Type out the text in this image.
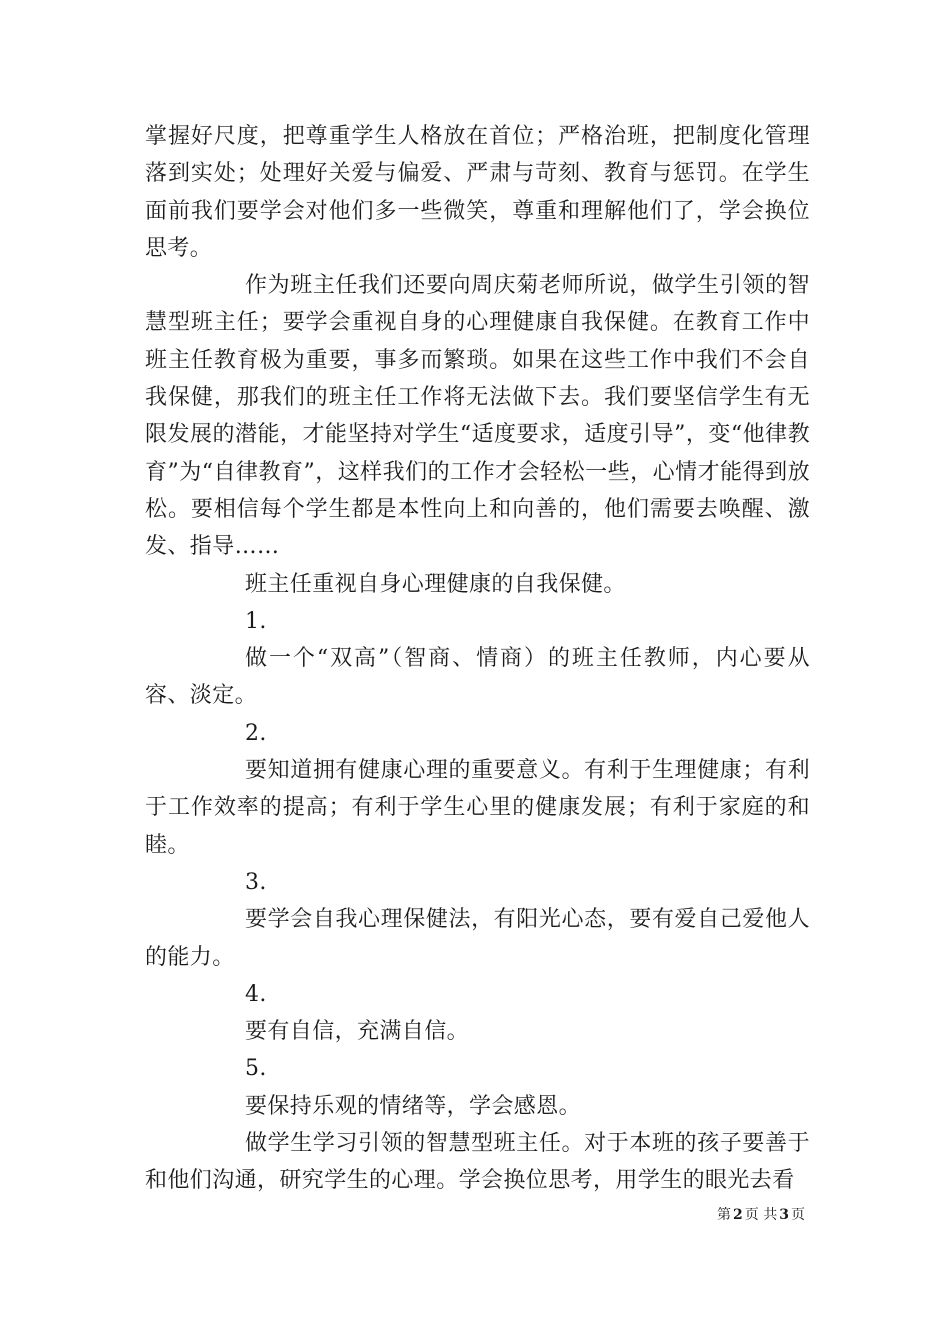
掌握好尺度，把尊重学生人格放在首位；严格治班，把制度化管理落到实处；处理好关爱与偏爱、严肃与苛刻、教育与惩罚。在学生面前我们要学会对他们多一些微笑，尊重和理解他们了，学会换位思考。

作为班主任我们还要向周庆菊老师所说，做学生引领的智慧型班主任；要学会重视自身的心理健康自我保健。在教育工作中班主任教育极为重要，事多而繁琐。如果在这些工作中我们不会自我保健，那我们的班主任工作将无法做下去。我们要坚信学生有无限发展的潜能，才能坚持对学生“适度要求，适度引导”，变“他律教育”为“自律教育”，这样我们的工作才会轻松一些，心情才能得到放松。要相信每个学生都是本性向上和向善的，他们需要去唤醒、激发、指导……

班主任重视自身心理健康的自我保健。

1.

做一个“双高”（智商、情商）的班主任教师，内心要从容、淡定。

2.

要知道拥有健康心理的重要意义。有利于生理健康；有利于工作效率的提高；有利于学生心里的健康发展；有利于家庭的和睦。

3.

要学会自我心理保健法，有阳光心态，要有爱自己爱他人的能力。

4.

要有自信，充满自信。

5.

要保持乐观的情绪等，学会感恩。

做学生学习引领的智慧型班主任。对于本班的孩子要善于和他们沟通，研究学生的心理。学会换位思考，用学生的眼光去看

第 2 页 共 3 页
